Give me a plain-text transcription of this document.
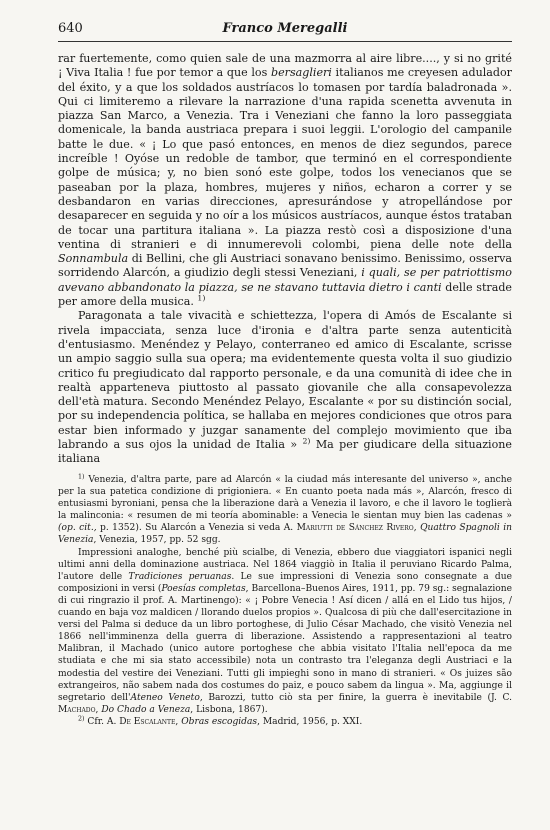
640	Franco Meregalli

rar fuertemente, como quien sale de una mazmorra al aire libre...., y si no grité ¡ Viva Italia ! fue por temor a que los bersaglieri italianos me creyesen adulador del éxito, y a que los soldados austríacos lo tomasen por tardía baladronada ». Qui ci limiteremo a rilevare la narrazione d'una rapida scenetta avvenuta in piazza San Marco, a Venezia. Tra i Veneziani che fanno la loro passeggiata domenicale, la banda austriaca prepara i suoi leggii. L'orologio del campanile batte le due. « ¡ Lo que pasó entonces, en menos de diez segundos, parece increíble ! Oyóse un redoble de tambor, que terminó en el correspondiente golpe de música; y, no bien sonó este golpe, todos los venecianos que se paseaban por la plaza, hombres, mujeres y niños, echaron a correr y se desbandaron en varias direcciones, apresurándose y atropellándose por desaparecer en seguida y no oír a los músicos austríacos, aunque éstos trataban de tocar una partitura italiana ». La piazza restò così a disposizione d'una ventina di stranieri e di innumerevoli colombi, piena delle note della Sonnambula di Bellini, che gli Austriaci sonavano benissimo. Benissimo, osserva sorridendo Alarcón, a giudizio degli stessi Veneziani, i quali, se per patriottismo avevano abbandonato la piazza, se ne stavano tuttavia dietro i canti delle strade per amore della musica. $^{1)}$

Paragonata a tale vivacità e schiettezza, l'opera di Amós de Escalante si rivela impacciata, senza luce d'ironia e d'altra parte senza autenticità d'entusiasmo. Menéndez y Pelayo, conterraneo ed amico di Escalante, scrisse un ampio saggio sulla sua opera; ma evidentemente questa volta il suo giudizio critico fu pregiudicato dal rapporto personale, e da una comunità di idee che in realtà apparteneva piuttosto al passato giovanile che alla consapevolezza dell'età matura. Secondo Menéndez Pelayo, Escalante « por su distinción social, por su independencia política, se hallaba en mejores condiciones que otros para estar bien informado y juzgar sanamente del complejo movimiento que iba labrando a sus ojos la unidad de Italia » $^{2)}$ Ma per giudicare della situazione italiana

$^{1)}$ Venezia, d'altra parte, pare ad Alarcón « la ciudad más interesante del universo », anche per la sua patetica condizione di prigioniera. « En cuanto poeta nada más », Alarcón, fresco di entusiasmi byroniani, pensa che la liberazione darà a Venezia il lavoro, e che il lavoro le toglierà la malinconia: « resumen de mi teoría abominable: a Venecia le sientan muy bien las cadenas » (op. cit., p. 1352). Su Alarcón a Venezia si veda A. Mariutti de Sánchez Rivero, Quattro Spagnoli in Venezia, Venezia, 1957, pp. 52 sgg.

Impressioni analoghe, benché più scialbe, di Venezia, ebbero due viaggiatori ispanici negli ultimi anni della dominazione austriaca. Nel 1864 viaggiò in Italia il peruviano Ricardo Palma, l'autore delle Tradiciones peruanas. Le sue impressioni di Venezia sono consegnate a due composizioni in versi (Poesías completas, Barcellona–Buenos Aires, 1911, pp. 79 sg.: segnalazione di cui ringrazio il prof. A. Martinengo): « ¡ Pobre Venecia ! Así dicen / allá en el Lido tus hijos, / cuando en baja voz maldicen / llorando duelos propios ». Qualcosa di più che dall'esercitazione in versi del Palma si deduce da un libro portoghese, di Julio César Machado, che visitò Venezia nel 1866 nell'imminenza della guerra di liberazione. Assistendo a rappresentazioni al teatro Malibran, il Machado (unico autore portoghese che abbia visitato l'Italia nell'epoca da me studiata e che mi sia stato accessibile) nota un contrasto tra l'eleganza degli Austriaci e la modestia del vestire dei Veneziani. Tutti gli impieghi sono in mano di stranieri. « Os juizes são extrangeiros, não sabem nada dos costumes do paiz, e pouco sabem da lingua ». Ma, aggiunge il segretario dell'Ateneo Veneto, Barozzi, tutto ciò sta per finire, la guerra è inevitabile (J. C. Machado, Do Chado a Veneza, Lisbona, 1867).

$^{2)}$ Cfr. A. De Escalante, Obras escogidas, Madrid, 1956, p. XXI.
